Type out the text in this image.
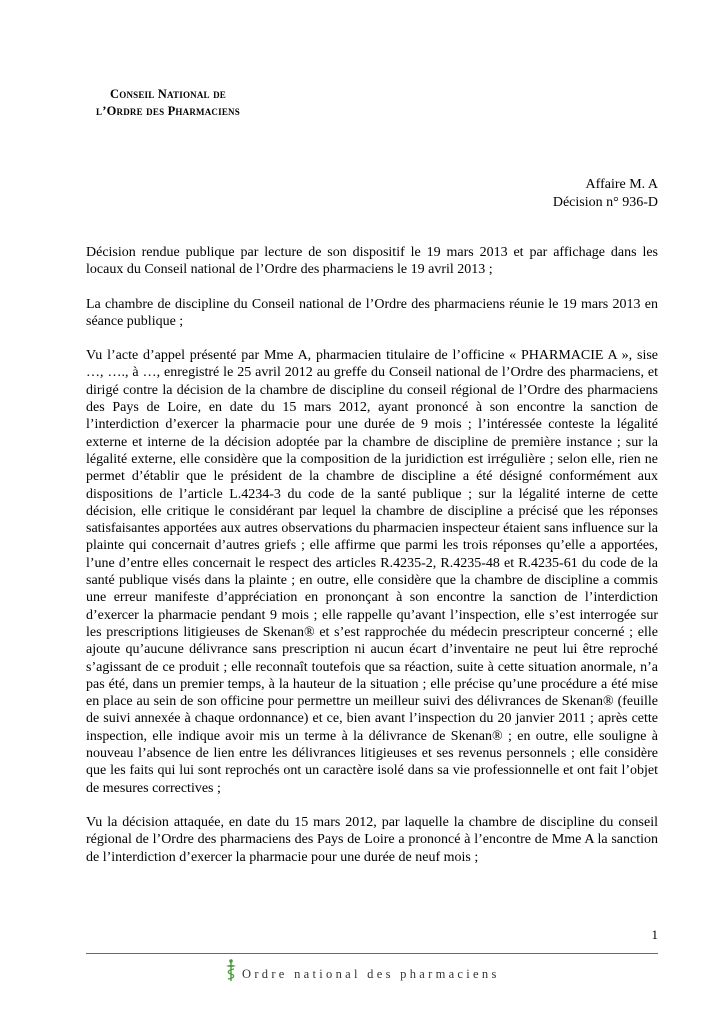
Conseil National de
l’Ordre des Pharmaciens
Affaire M. A
Décision n° 936-D

Décision rendue publique par lecture de son dispositif le 19 mars 2013 et par affichage dans les locaux du Conseil national de l’Ordre des pharmaciens le 19 avril 2013 ;

La chambre de discipline du Conseil national de l’Ordre des pharmaciens réunie le 19 mars 2013 en séance publique ;

Vu l’acte d’appel présenté par Mme A, pharmacien titulaire de l’officine « PHARMACIE A », sise …, …., à …, enregistré le 25 avril 2012 au greffe du Conseil national de l’Ordre des pharmaciens, et dirigé contre la décision de la chambre de discipline du conseil régional de l’Ordre des pharmaciens des Pays de Loire, en date du 15 mars 2012, ayant prononcé à son encontre la sanction de l’interdiction d’exercer la pharmacie pour une durée de 9 mois ; l’intéressée conteste la légalité externe et interne de la décision adoptée par la chambre de discipline de première instance ; sur la légalité externe, elle considère que la composition de la juridiction est irrégulière ; selon elle, rien ne permet d’établir que le président de la chambre de discipline a été désigné conformément aux dispositions de l’article L.4234-3 du code de la santé publique ; sur la légalité interne de cette décision, elle critique le considérant par lequel la chambre de discipline a précisé que les réponses satisfaisantes apportées aux autres observations du pharmacien inspecteur étaient sans influence sur la plainte qui concernait d’autres griefs ; elle affirme que parmi les trois réponses qu’elle a apportées, l’une d’entre elles concernait le respect des articles R.4235-2, R.4235-48 et R.4235-61 du code de la santé publique visés dans la plainte ; en outre, elle considère que la chambre de discipline a commis une erreur manifeste d’appréciation en prononçant à son encontre la sanction de l’interdiction d’exercer la pharmacie pendant 9 mois ; elle rappelle qu’avant l’inspection, elle s’est interrogée sur les prescriptions litigieuses de Skenan® et s’est rapprochée du médecin prescripteur concerné ; elle ajoute qu’aucune délivrance sans prescription ni aucun écart d’inventaire ne peut lui être reproché s’agissant de ce produit ; elle reconnaît toutefois que sa réaction, suite à cette situation anormale, n’a pas été, dans un premier temps, à la hauteur de la situation ; elle précise qu’une procédure a été mise en place au sein de son officine pour permettre un meilleur suivi des délivrances de Skenan® (feuille de suivi annexée à chaque ordonnance) et ce, bien avant l’inspection du 20 janvier 2011 ; après cette inspection, elle indique avoir mis un terme à la délivrance de Skenan® ; en outre, elle souligne à nouveau l’absence de lien entre les délivrances litigieuses et ses revenus personnels ; elle considère que les faits qui lui sont reprochés ont un caractère isolé dans sa vie professionnelle et ont fait l’objet de mesures correctives ;

Vu la décision attaquée, en date du 15 mars 2012, par laquelle la chambre de discipline du conseil régional de l’Ordre des pharmaciens des Pays de Loire a prononcé à l’encontre de Mme A la sanction de l’interdiction d’exercer la pharmacie pour une durée de neuf mois ;

1
Ordre national des pharmaciens
